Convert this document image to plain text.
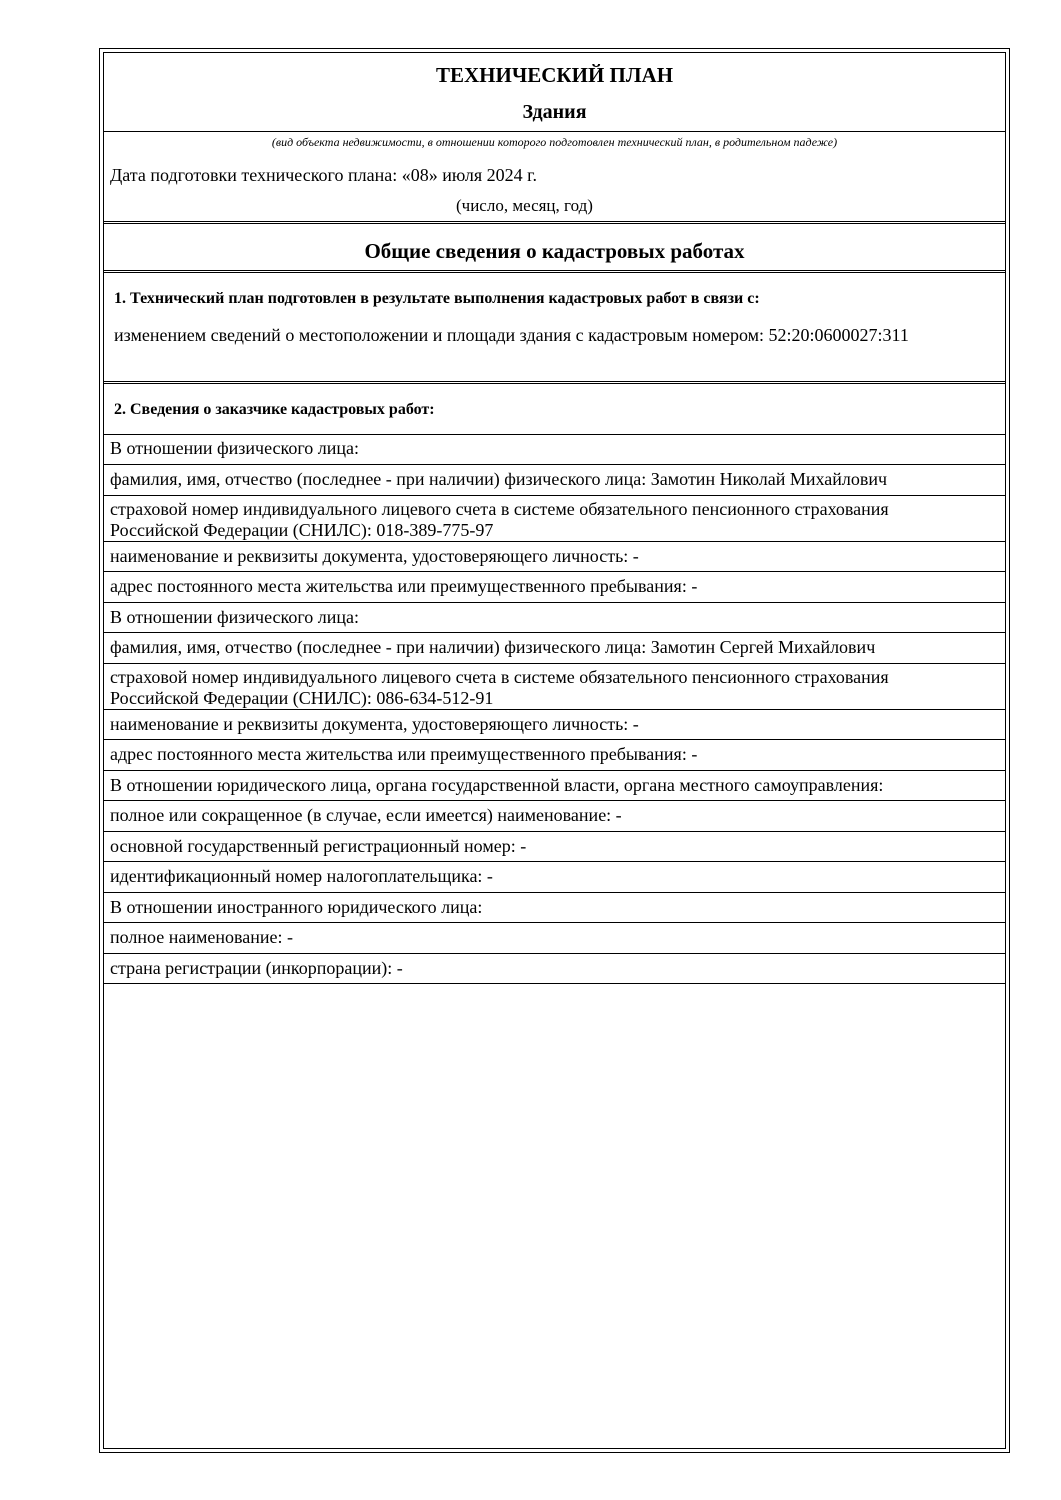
ТЕХНИЧЕСКИЙ ПЛАН
Здания
(вид объекта недвижимости, в отношении которого подготовлен технический план, в родительном падеже)
Дата подготовки технического плана: «08» июля 2024 г.
(число, месяц, год)
Общие сведения о кадастровых работах
1. Технический план подготовлен в результате выполнения кадастровых работ в связи с:
изменением сведений о местоположении и площади здания с кадастровым номером: 52:20:0600027:311
2. Сведения о заказчике кадастровых работ:
В отношении физического лица:
фамилия, имя, отчество (последнее - при наличии) физического лица: Замотин Николай Михайлович
страховой номер индивидуального лицевого счета в системе обязательного пенсионного страхования
Российской Федерации (СНИЛС): 018-389-775-97
наименование и реквизиты документа, удостоверяющего личность: -
адрес постоянного места жительства или преимущественного пребывания: -
В отношении физического лица:
фамилия, имя, отчество (последнее - при наличии) физического лица: Замотин Сергей Михайлович
страховой номер индивидуального лицевого счета в системе обязательного пенсионного страхования
Российской Федерации (СНИЛС): 086-634-512-91
наименование и реквизиты документа, удостоверяющего личность: -
адрес постоянного места жительства или преимущественного пребывания: -
В отношении юридического лица, органа государственной власти, органа местного самоуправления:
полное или сокращенное (в случае, если имеется) наименование: -
основной государственный регистрационный номер: -
идентификационный номер налогоплательщика: -
В отношении иностранного юридического лица:
полное наименование: -
страна регистрации (инкорпорации): -
